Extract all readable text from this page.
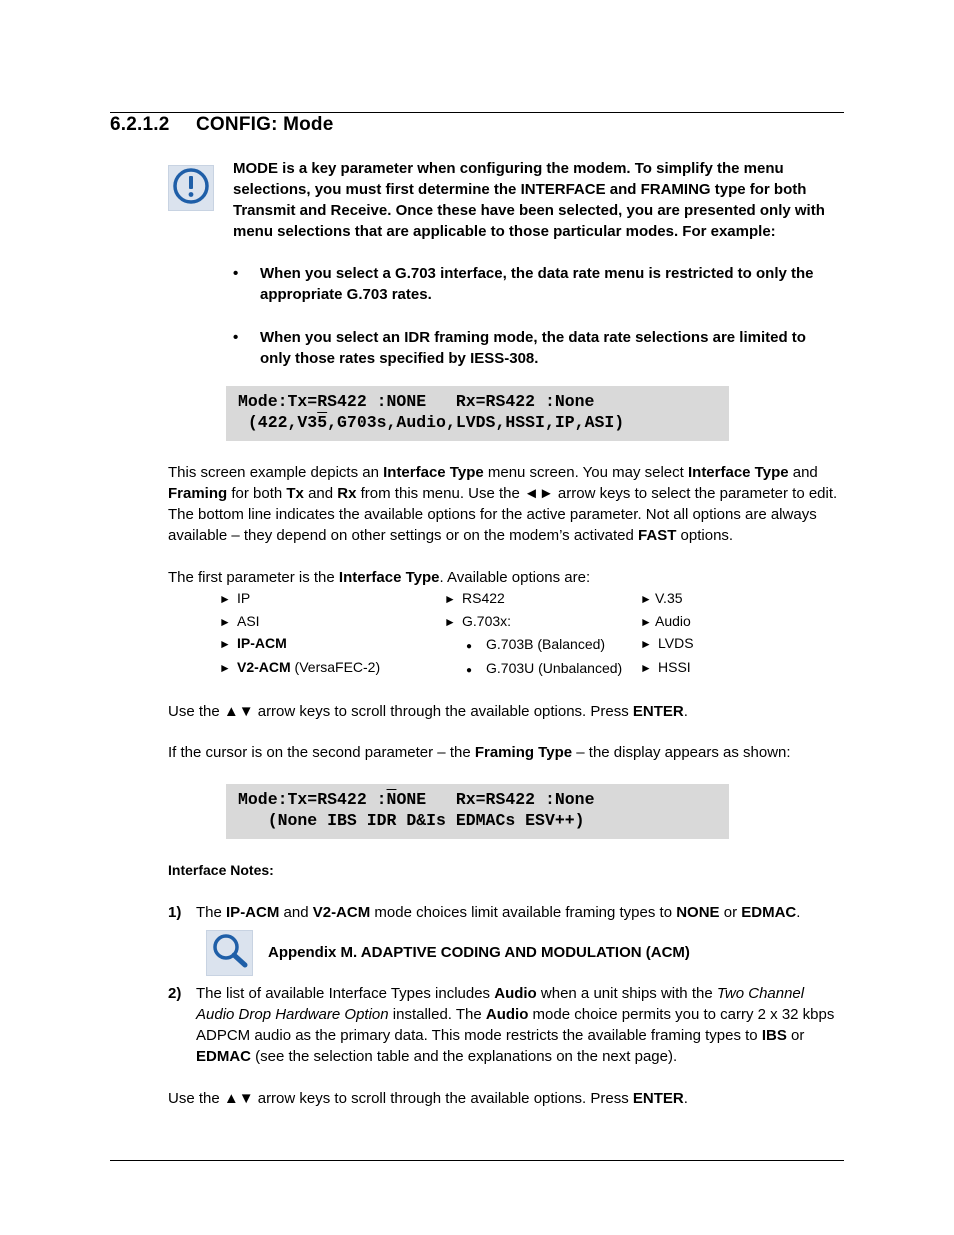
6.2.1.2 CONFIG: Mode
MODE is a key parameter when configuring the modem. To simplify the menu selections, you must first determine the INTERFACE and FRAMING type for both Transmit and Receive. Once these have been selected, you are presented only with menu selections that are applicable to those particular modes. For example:
• When you select a G.703 interface, the data rate menu is restricted to only the appropriate G.703 rates.
• When you select an IDR framing mode, the data rate selections are limited to only those rates specified by IESS-308.
Mode:Tx=RS422 :NONE   Rx=RS422 :None
(422,V35,G703s,Audio,LVDS,HSSI,IP,ASI)
This screen example depicts an Interface Type menu screen. You may select Interface Type and Framing for both Tx and Rx from this menu. Use the ◄► arrow keys to select the parameter to edit. The bottom line indicates the available options for the active parameter. Not all options are always available – they depend on other settings or on the modem’s activated FAST options.
The first parameter is the Interface Type. Available options are:
► IP
► ASI
► IP-ACM
► V2-ACM (VersaFEC-2)
► RS422
► G.703x:
● G.703B (Balanced)
● G.703U (Unbalanced)
► V.35
► Audio
► LVDS
► HSSI
Use the ▲▼ arrow keys to scroll through the available options. Press ENTER.
If the cursor is on the second parameter – the Framing Type – the display appears as shown:
Mode:Tx=RS422 $:\overline{N}ONE$   Rx=RS422 :None
(None IBS IDR D&Is EDMACs ESV++)
Interface Notes:
1) The IP-ACM and V2-ACM mode choices limit available framing types to NONE or EDMAC.
Appendix M. ADAPTIVE CODING AND MODULATION (ACM)
2) The list of available Interface Types includes Audio when a unit ships with the Two Channel Audio Drop Hardware Option installed. The Audio mode choice permits you to carry 2 x 32 kbps ADPCM audio as the primary data. This mode restricts the available framing types to IBS or EDMAC (see the selection table and the explanations on the next page).
Use the ▲▼ arrow keys to scroll through the available options. Press ENTER.
